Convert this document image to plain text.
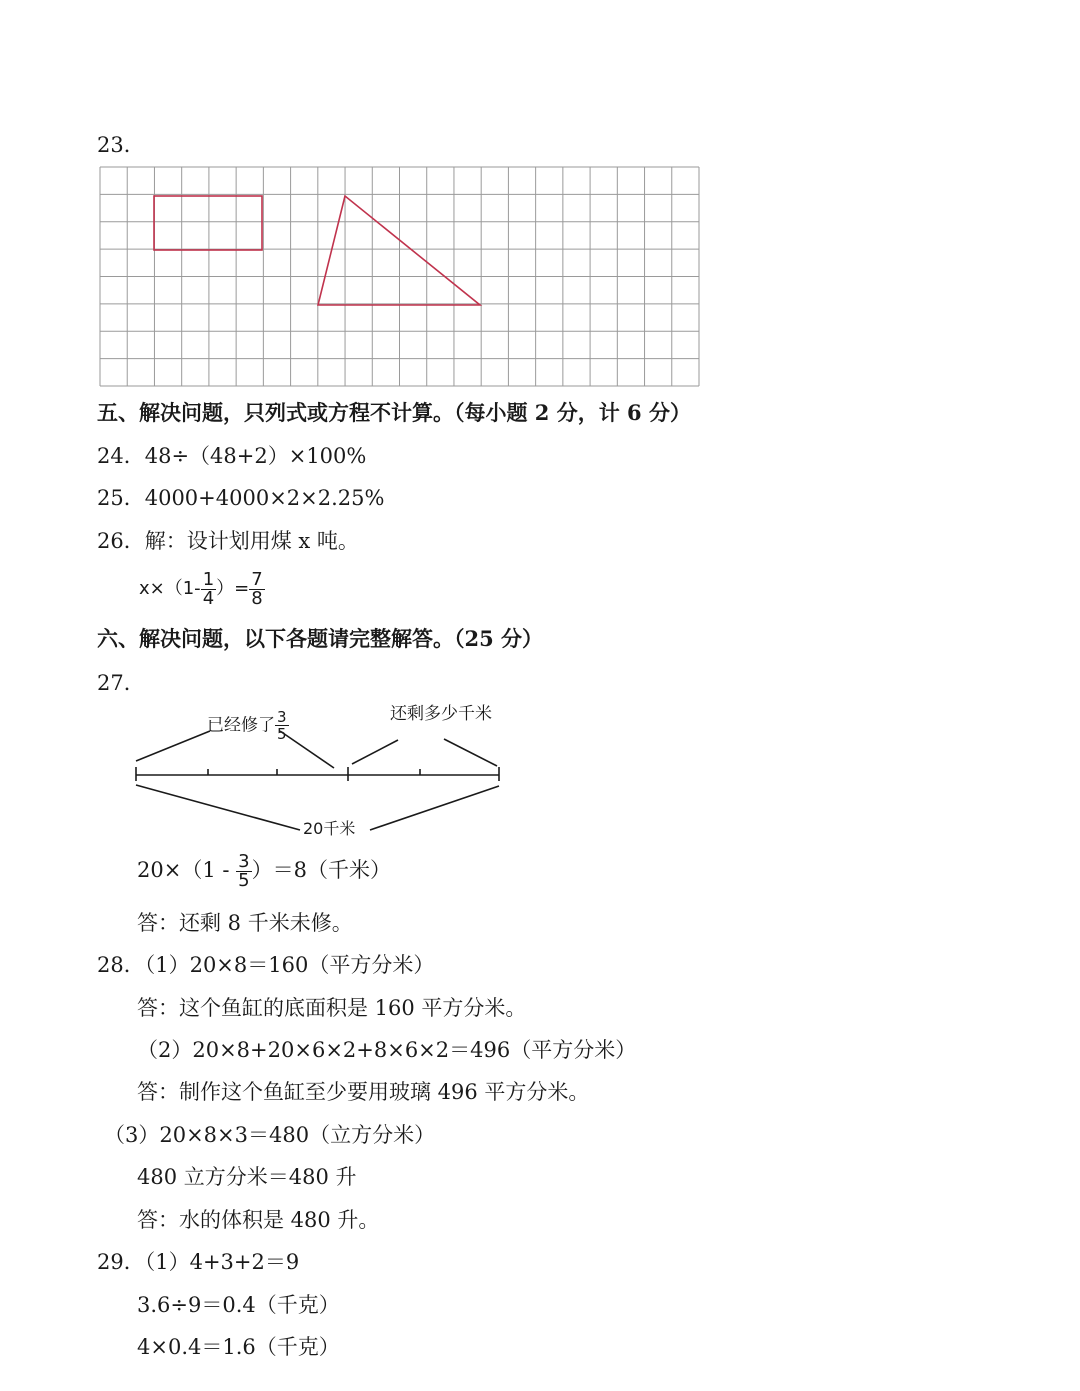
23．
五、解决问题，只列式或方程不计算。（每小题 2 分，计 6 分）
24．48÷（48+2）×100%
25．4000+4000×2×2.25%
26．解：设计划用煤 x 吨。
$x\times(1- \frac{1}{4}$ ）= $\frac{7}{8}$
六、解决问题，以下各题请完整解答。（25 分）
27．
已经修了 $\frac{3}{5}$	还剩多少千米
20千米
$20\times(1 - \frac{3}{5} )=8$（千米）
答：还剩 8 千米未修。
28．（1）20×8＝160（平方分米）
答：这个鱼缸的底面积是 160 平方分米。
（2）20×8+20×6×2+8×6×2＝496（平方分米）
答：制作这个鱼缸至少要用玻璃 496 平方分米。
（3）20×8×3＝480（立方分米）
480 立方分米＝480 升
答：水的体积是 480 升。
29．（1）4+3+2＝9
3.6÷9＝0.4（千克）
4×0.4＝1.6（千克）
